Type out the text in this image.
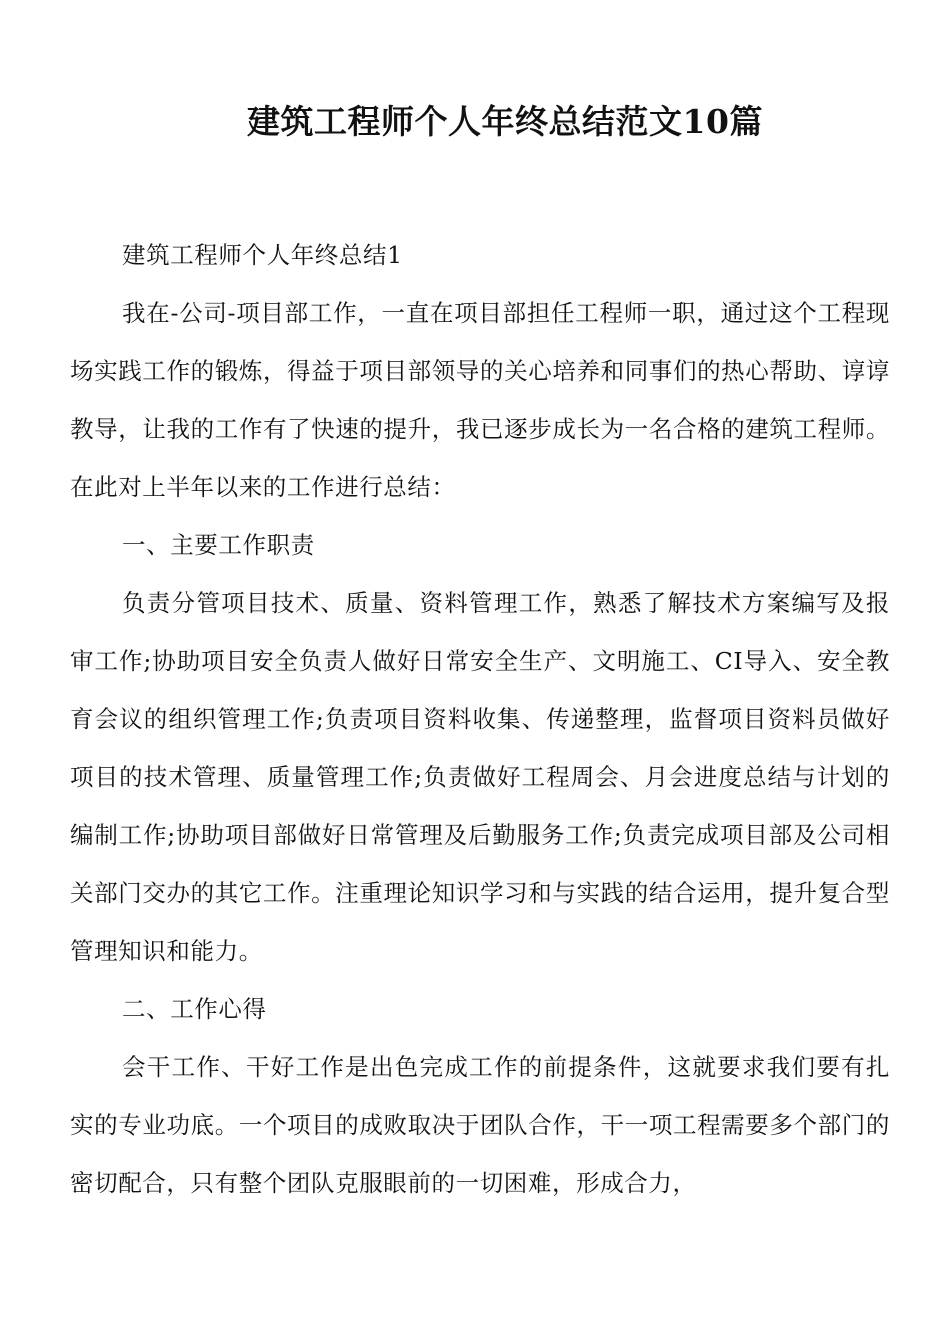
建筑工程师个人年终总结范文10篇

建筑工程师个人年终总结1

我在-公司-项目部工作，一直在项目部担任工程师一职，通过这个工程现场实践工作的锻炼，得益于项目部领导的关心培养和同事们的热心帮助、谆谆教导，让我的工作有了快速的提升，我已逐步成长为一名合格的建筑工程师。在此对上半年以来的工作进行总结：

一、主要工作职责

负责分管项目技术、质量、资料管理工作，熟悉了解技术方案编写及报审工作;协助项目安全负责人做好日常安全生产、文明施工、CI导入、安全教育会议的组织管理工作;负责项目资料收集、传递整理，监督项目资料员做好项目的技术管理、质量管理工作;负责做好工程周会、月会进度总结与计划的编制工作;协助项目部做好日常管理及后勤服务工作;负责完成项目部及公司相关部门交办的其它工作。注重理论知识学习和与实践的结合运用，提升复合型管理知识和能力。

二、工作心得

会干工作、干好工作是出色完成工作的前提条件，这就要求我们要有扎实的专业功底。一个项目的成败取决于团队合作，干一项工程需要多个部门的密切配合，只有整个团队克服眼前的一切困难，形成合力，
